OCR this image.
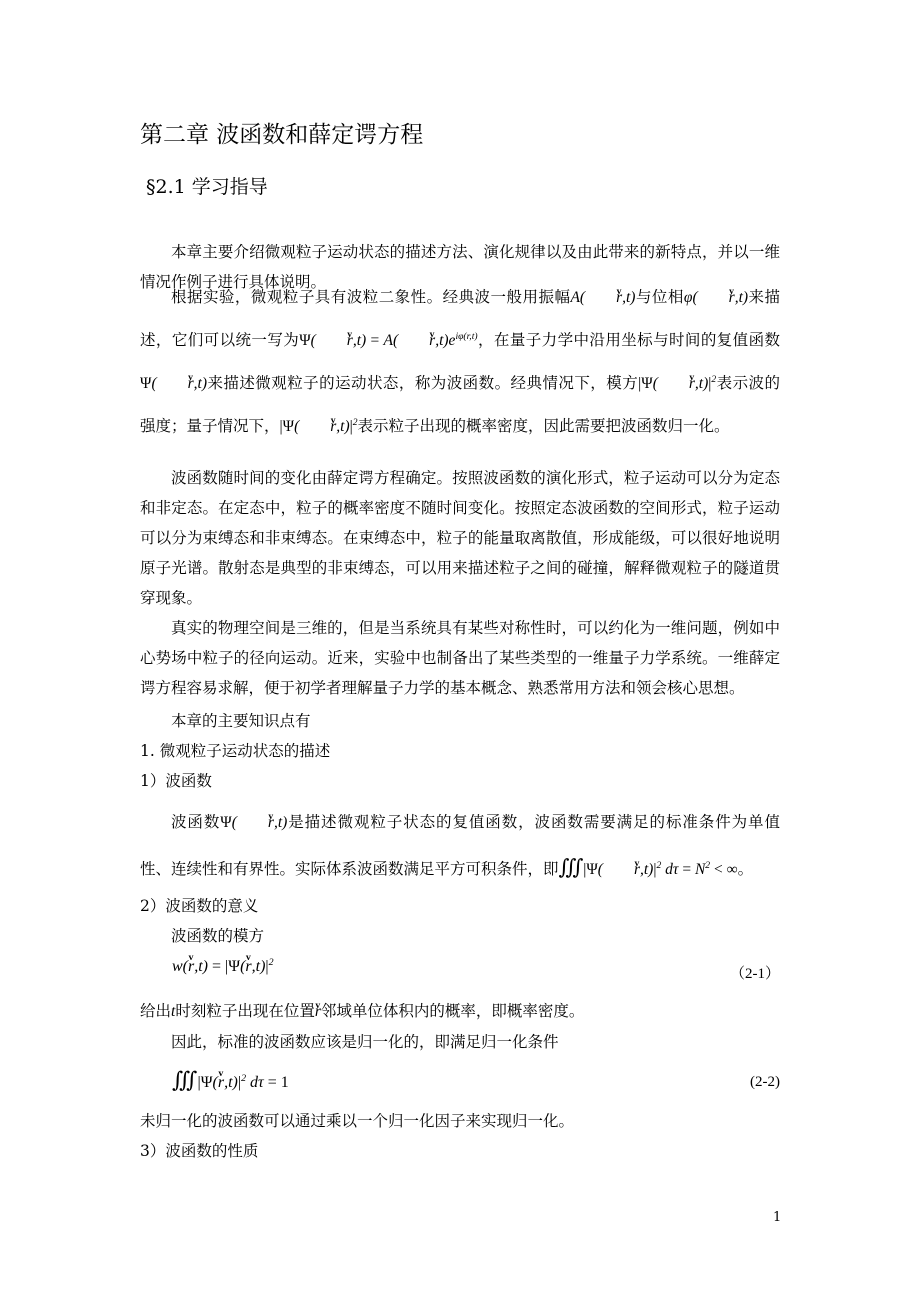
第二章 波函数和薛定谔方程
§2.1 学习指导

本章主要介绍微观粒子运动状态的描述方法、演化规律以及由此带来的新特点，并以一维情况作例子进行具体说明。

根据实验，微观粒子具有波粒二象性。经典波一般用振幅A( v r,t)与位相φ( v r,t)来描述，它们可以统一写为Ψ( v r,t) = A( v $r,t)e^{i\varphi(r,t)}$，在量子力学中沿用坐标与时间的复值函数Ψ( v r,t)来描述微观粒子的运动状态，称为波函数。经典情况下，模方|Ψ( v $r,t)|^2$表示波的强度；量子情况下，|Ψ( v $r,t)|^2$表示粒子出现的概率密度，因此需要把波函数归一化。

波函数随时间的变化由薛定谔方程确定。按照波函数的演化形式，粒子运动可以分为定态和非定态。在定态中，粒子的概率密度不随时间变化。按照定态波函数的空间形式，粒子运动可以分为束缚态和非束缚态。在束缚态中，粒子的能量取离散值，形成能级，可以很好地说明原子光谱。散射态是典型的非束缚态，可以用来描述粒子之间的碰撞，解释微观粒子的隧道贯穿现象。

真实的物理空间是三维的，但是当系统具有某些对称性时，可以约化为一维问题，例如中心势场中粒子的径向运动。近来，实验中也制备出了某些类型的一维量子力学系统。一维薛定谔方程容易求解，便于初学者理解量子力学的基本概念、熟悉常用方法和领会核心思想。

本章的主要知识点有
1. 微观粒子运动状态的描述
1）波函数

波函数Ψ( v r,t)是描述微观粒子状态的复值函数，波函数需要满足的标准条件为单值性、连续性和有界性。实际体系波函数满足平方可积条件，即∭|Ψ( v $r,t)|^2$ $d\tau = N^2$ < ∞。

2）波函数的意义
波函数的模方
w(v r,t) = |Ψ(v $r,t)|^2$
（2-1）
给出t时刻粒子出现在位置v r邻域单位体积内的概率，即概率密度。
因此，标准的波函数应该是归一化的，即满足归一化条件
∭|Ψ(v $r,t)|^2$ dτ = 1	(2-2)
未归一化的波函数可以通过乘以一个归一化因子来实现归一化。
3）波函数的性质
1
